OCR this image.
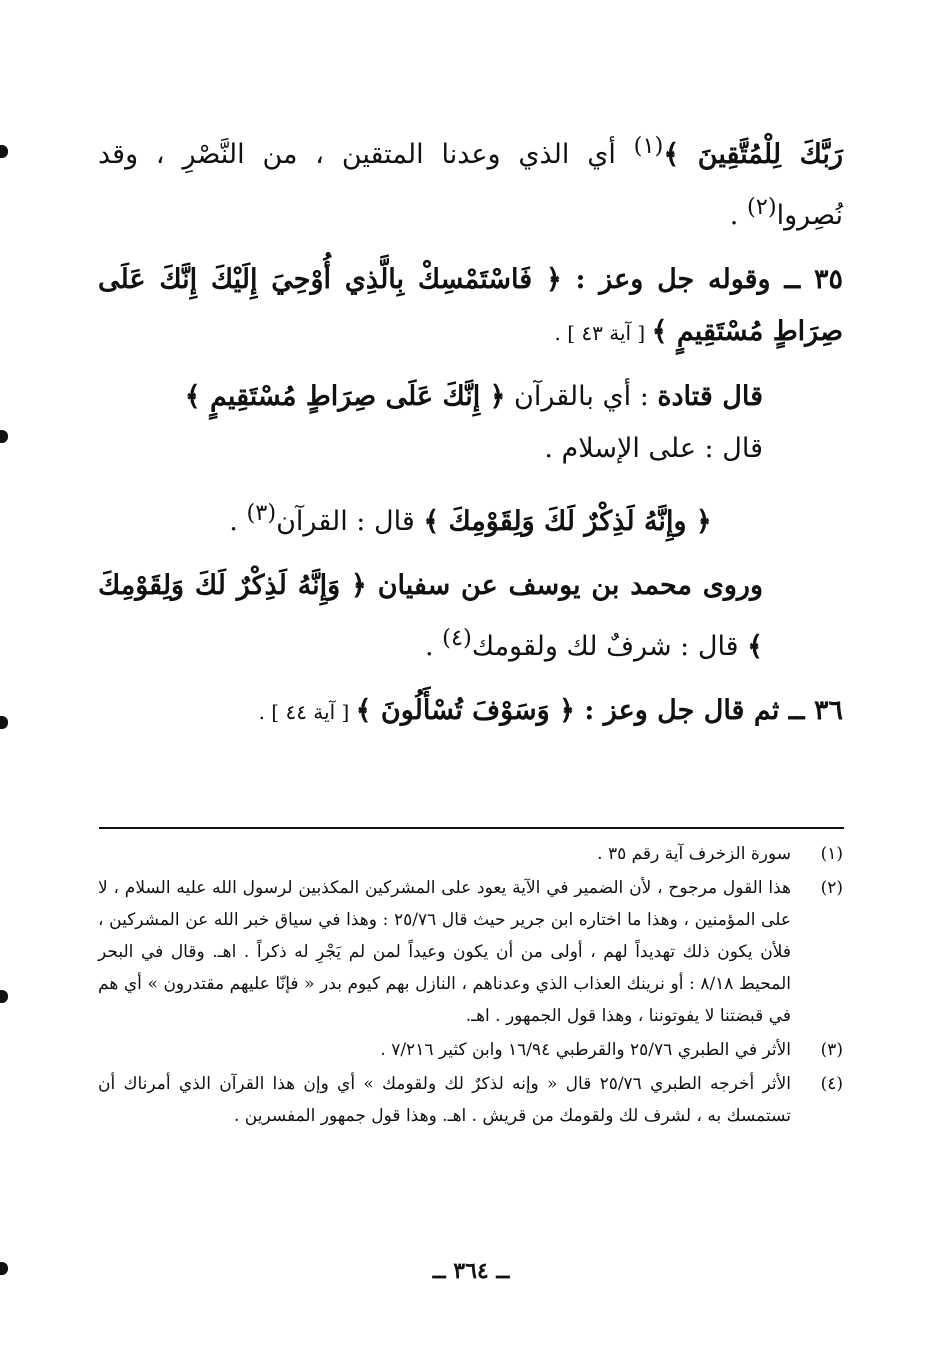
رَبَّكَ لِلْمُتَّقِينَ ﴾$^{(١)}$ أي الذي وعدنا المتقين ، من النَّصْرِ ، وقد نُصِروا$^{(٢)}$ .

٣٥ ــ وقوله جل وعز : ﴿ فَاسْتَمْسِكْ بِالَّذِي أُوْحِيَ إِلَيْكَ إِنَّكَ عَلَى صِرَاطٍ مُسْتَقِيمٍ ﴾ [ آية ٤٣ ] .

قال قتادة : أي بالقرآن ﴿ إِنَّكَ عَلَى صِرَاطٍ مُسْتَقِيمٍ ﴾
قال : على الإسلام .

﴿ وإِنَّهُ لَذِكْرٌ لَكَ وَلِقَوْمِكَ ﴾ قال : القرآن$^{(٣)}$ .

وروى محمد بن يوسف عن سفيان ﴿ وَإِنَّهُ لَذِكْرٌ لَكَ وَلِقَوْمِكَ ﴾ قال : شرفٌ لك ولقومك$^{(٤)}$ .

٣٦ ــ ثم قال جل وعز : ﴿ وَسَوْفَ تُسْأَلُونَ ﴾ [ آية ٤٤ ] .

(١)
سورة الزخرف آية رقم ٣٥ .
(٢)
هذا القول مرجوح ، لأن الضمير في الآية يعود على المشركين المكذبين لرسول الله عليه السلام ، لا على المؤمنين ، وهذا ما اختاره ابن جرير حيث قال ٢٥/٧٦ : وهذا في سياق خبر الله عن المشركين ، فلأن يكون ذلك تهديداً لهم ، أولى من أن يكون وعيداً لمن لم يَجْرِ له ذكراً . اهـ. وقال في البحر المحيط ٨/١٨ : أو نرينك العذاب الذي وعدناهم ، النازل بهم كيوم بدر « فإنّا عليهم مقتدرون » أي هم في قبضتنا لا يفوتوننا ، وهذا قول الجمهور . اهـ.
(٣)
الأثر في الطبري ٢٥/٧٦ والقرطبي ١٦/٩٤ وابن كثير ٧/٢١٦ .
(٤)
الأثر أخرجه الطبري ٢٥/٧٦ قال « وإنه لذكرٌ لك ولقومك » أي وإن هذا القرآن الذي أمرناك أن تستمسك به ، لشرف لك ولقومك من قريش . اهـ. وهذا قول جمهور المفسرين .
ــ ٣٦٤ ــ
